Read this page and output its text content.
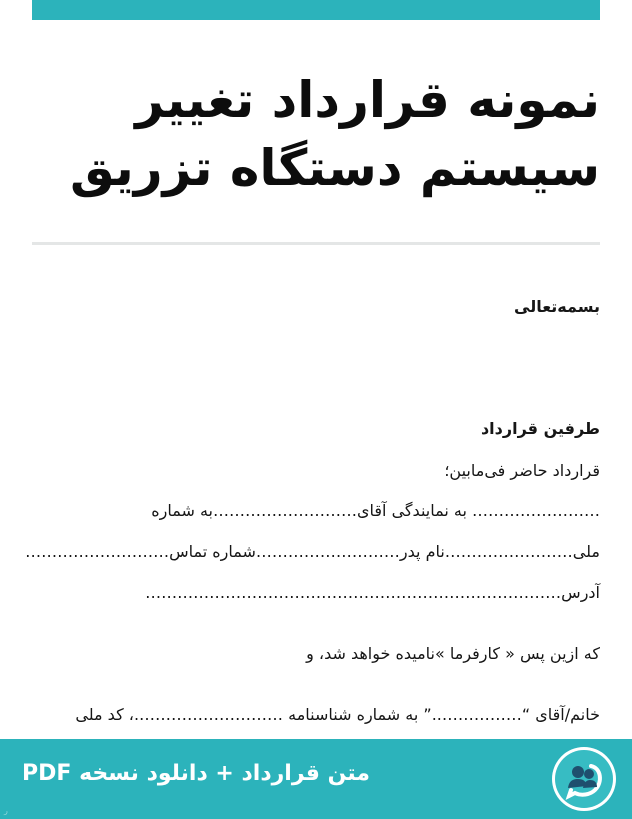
نمونه قرارداد تغییر
سیستم دستگاه تزریق
بسمه‌تعالی
طرفین قرارداد
قرارداد حاضر فی‌مابین؛
…………………… به نمایندگی آقای………………………به شماره
ملی……………………نام پدر………………………شماره تماس………………………
آدرس……………………………………………………………………
که ازین پس « کارفرما »نامیده خواهد شد، و
خانم/آقای “……………..” به شماره شناسنامه ……………………….، کد ملی
متن قرارداد + دانلود نسخه PDF
ر
